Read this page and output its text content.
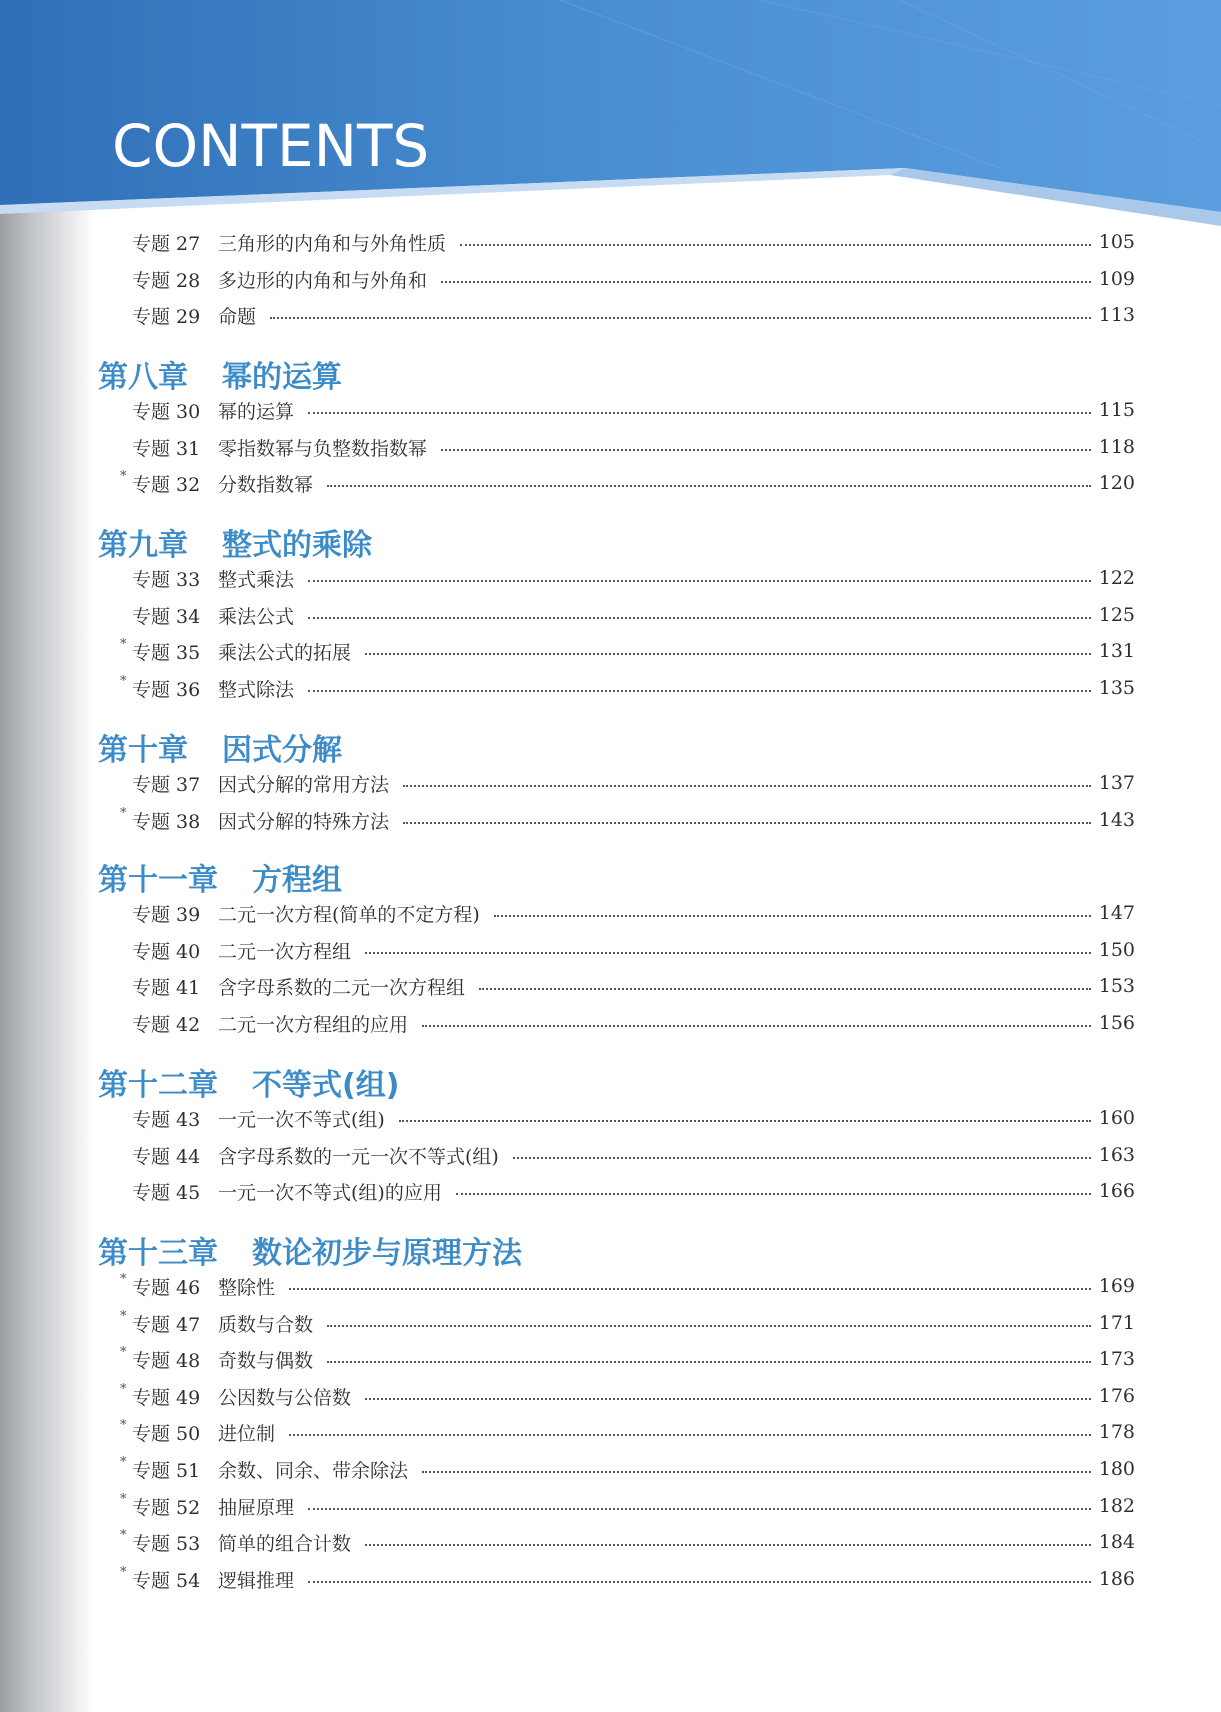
CONTENTS
专题 27 三角形的内角和与外角性质	105
专题 28 多边形的内角和与外角和	109
专题 29 命题	113
第八章 幂的运算
专题 30 幂的运算	115
专题 31 零指数幂与负整数指数幂	118
* 专题 32 分数指数幂	120
第九章 整式的乘除
专题 33 整式乘法	122
专题 34 乘法公式	125
* 专题 35 乘法公式的拓展	131
* 专题 36 整式除法	135
第十章 因式分解
专题 37 因式分解的常用方法	137
* 专题 38 因式分解的特殊方法	143
第十一章 方程组
专题 39 二元一次方程(简单的不定方程)	147
专题 40 二元一次方程组	150
专题 41 含字母系数的二元一次方程组	153
专题 42 二元一次方程组的应用	156
第十二章 不等式(组)
专题 43 一元一次不等式(组)	160
专题 44 含字母系数的一元一次不等式(组)	163
专题 45 一元一次不等式(组)的应用	166
第十三章 数论初步与原理方法
* 专题 46 整除性	169
* 专题 47 质数与合数	171
* 专题 48 奇数与偶数	173
* 专题 49 公因数与公倍数	176
* 专题 50 进位制	178
* 专题 51 余数、同余、带余除法	180
* 专题 52 抽屉原理	182
* 专题 53 简单的组合计数	184
* 专题 54 逻辑推理	186
